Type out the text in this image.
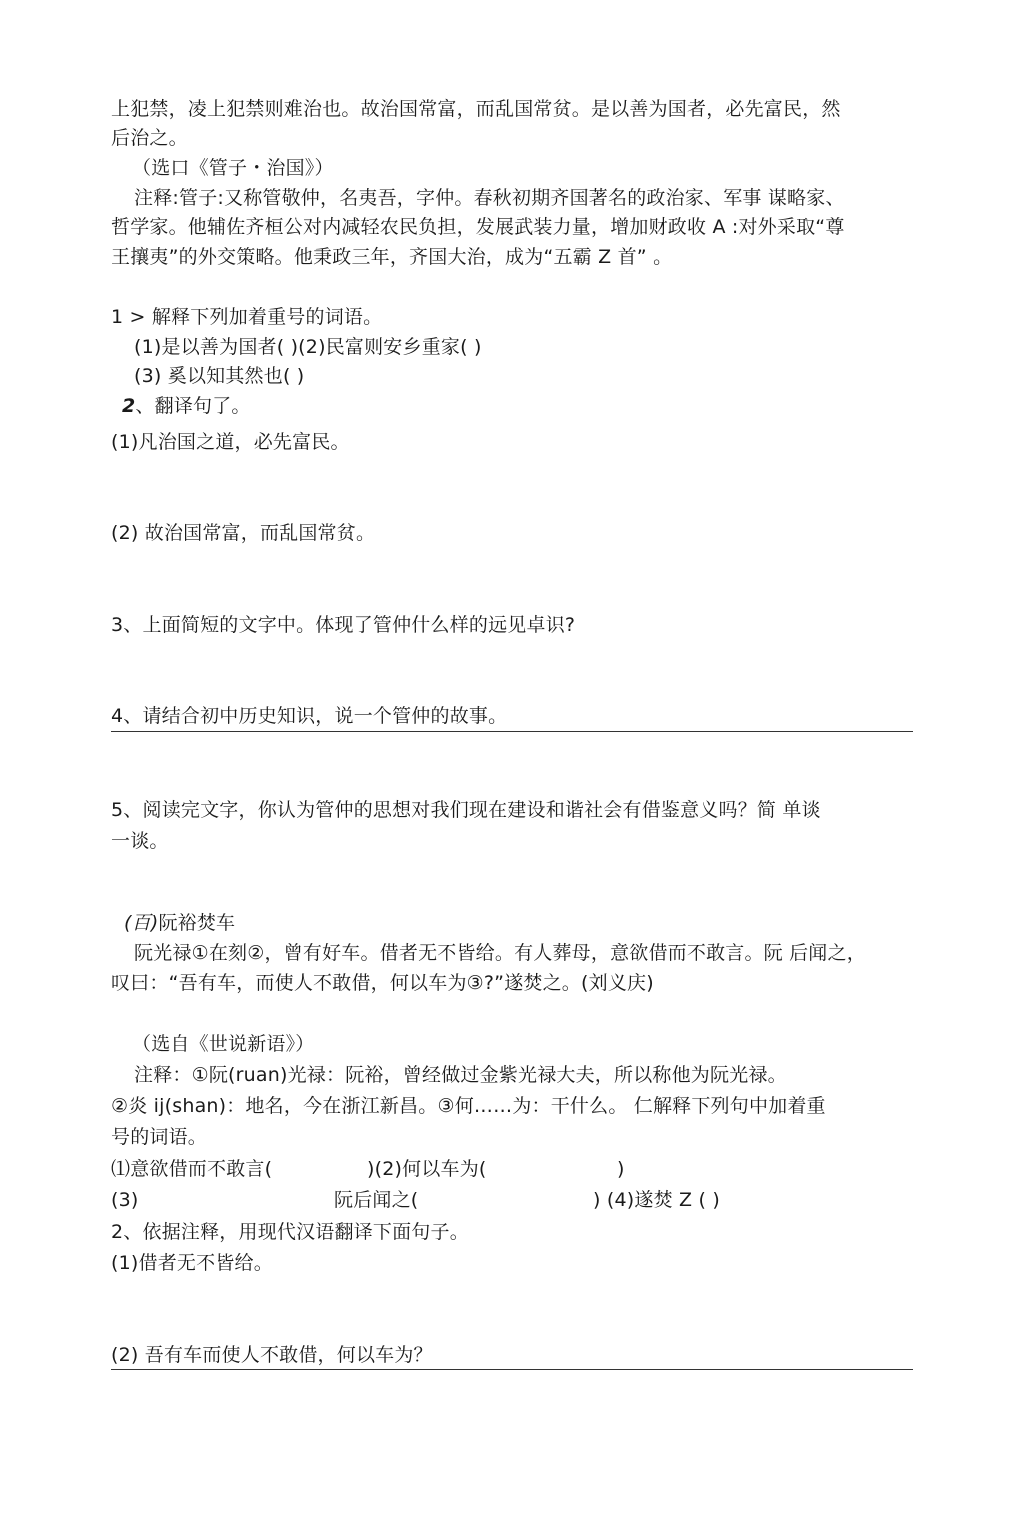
上犯禁，凌上犯禁则难治也。故治国常富，而乱国常贫。是以善为国者，必先富民，然
后治之。
（选口《管子・治国》）
注释:管子:又称管敬仲，名夷吾，字仲。春秋初期齐国著名的政治家、军事 谋略家、
哲学家。他辅佐齐桓公对内减轻农民负担，发展武装力量，增加财政收 A :对外采取“尊
王攘夷”的外交策略。他秉政三年，齐国大治，成为“五霸 Z 首” 。
1 > 解释下列加着重号的词语。
(1)是以善为国者( )(2)民富则安乡重家( )
(3) 奚以知其然也( )
2、翻译句了。
(1)凡治国之道，必先富民。
(2) 故治国常富，而乱国常贫。
3、上面简短的文字中。体现了管仲什么样的远见卓识?
4、请结合初中历史知识，说一个管仲的故事。
5、阅读完文字，你认为管仲的思想对我们现在建设和谐社会有借鉴意义吗？简 单谈
一谈。
(百)阮裕焚车
阮光禄①在刻②，曾有好车。借者无不皆给。有人葬母，意欲借而不敢言。阮 后闻之，
叹曰：“吾有车，而使人不敢借，何以车为③?”遂焚之。(刘义庆)
（选自《世说新语》）
注释：①阮(ruan)光禄：阮裕，曾经做过金紫光禄大夫，所以称他为阮光禄。
②炎 ij(shan)：地名，今在浙江新昌。③何……为：干什么。 仁解释下列句中加着重
号的词语。
⑴意欲借而不敢言(	)(2)何以车为(	)
(3)	阮后闻之(	) (4)遂焚 Z ( )
2、依据注释，用现代汉语翻译下面句子。
(1)借者无不皆给。
(2) 吾有车而使人不敢借，何以车为？
